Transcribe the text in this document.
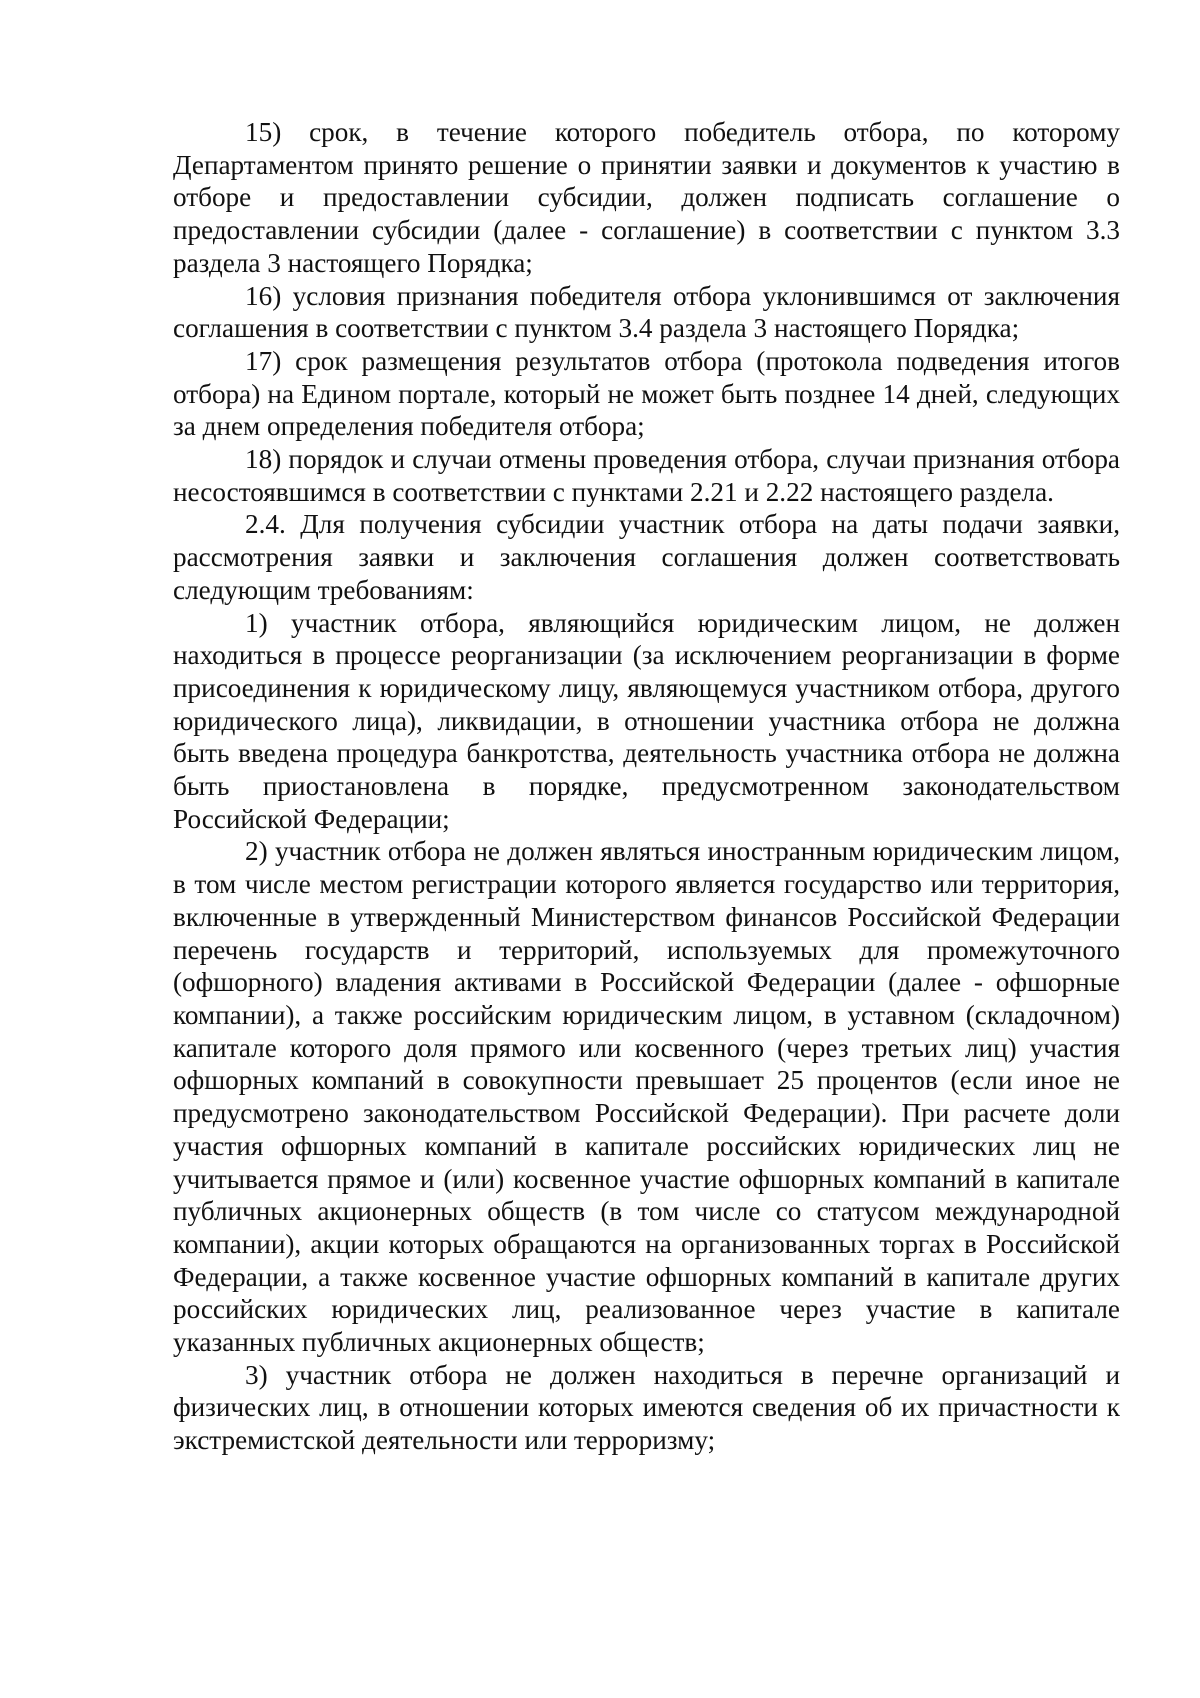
15) срок, в течение которого победитель отбора, по которому Департаментом принято решение о принятии заявки и документов к участию в отборе и предоставлении субсидии, должен подписать соглашение о предоставлении субсидии (далее - соглашение) в соответствии с пунктом 3.3 раздела 3 настоящего Порядка;

16) условия признания победителя отбора уклонившимся от заключения соглашения в соответствии с пунктом 3.4 раздела 3 настоящего Порядка;

17) срок размещения результатов отбора (протокола подведения итогов отбора) на Едином портале, который не может быть позднее 14 дней, следующих за днем определения победителя отбора;

18) порядок и случаи отмены проведения отбора, случаи признания отбора несостоявшимся в соответствии с пунктами 2.21 и 2.22 настоящего раздела.

2.4. Для получения субсидии участник отбора на даты подачи заявки, рассмотрения заявки и заключения соглашения должен соответствовать следующим требованиям:

1) участник отбора, являющийся юридическим лицом, не должен находиться в процессе реорганизации (за исключением реорганизации в форме присоединения к юридическому лицу, являющемуся участником отбора, другого юридического лица), ликвидации, в отношении участника отбора не должна быть введена процедура банкротства, деятельность участника отбора не должна быть приостановлена в порядке, предусмотренном законодательством Российской Федерации;

2) участник отбора не должен являться иностранным юридическим лицом, в том числе местом регистрации которого является государство или территория, включенные в утвержденный Министерством финансов Российской Федерации перечень государств и территорий, используемых для промежуточного (офшорного) владения активами в Российской Федерации (далее - офшорные компании), а также российским юридическим лицом, в уставном (складочном) капитале которого доля прямого или косвенного (через третьих лиц) участия офшорных компаний в совокупности превышает 25 процентов (если иное не предусмотрено законодательством Российской Федерации). При расчете доли участия офшорных компаний в капитале российских юридических лиц не учитывается прямое и (или) косвенное участие офшорных компаний в капитале публичных акционерных обществ (в том числе со статусом международной компании), акции которых обращаются на организованных торгах в Российской Федерации, а также косвенное участие офшорных компаний в капитале других российских юридических лиц, реализованное через участие в капитале указанных публичных акционерных обществ;

3) участник отбора не должен находиться в перечне организаций и физических лиц, в отношении которых имеются сведения об их причастности к экстремистской деятельности или терроризму;
